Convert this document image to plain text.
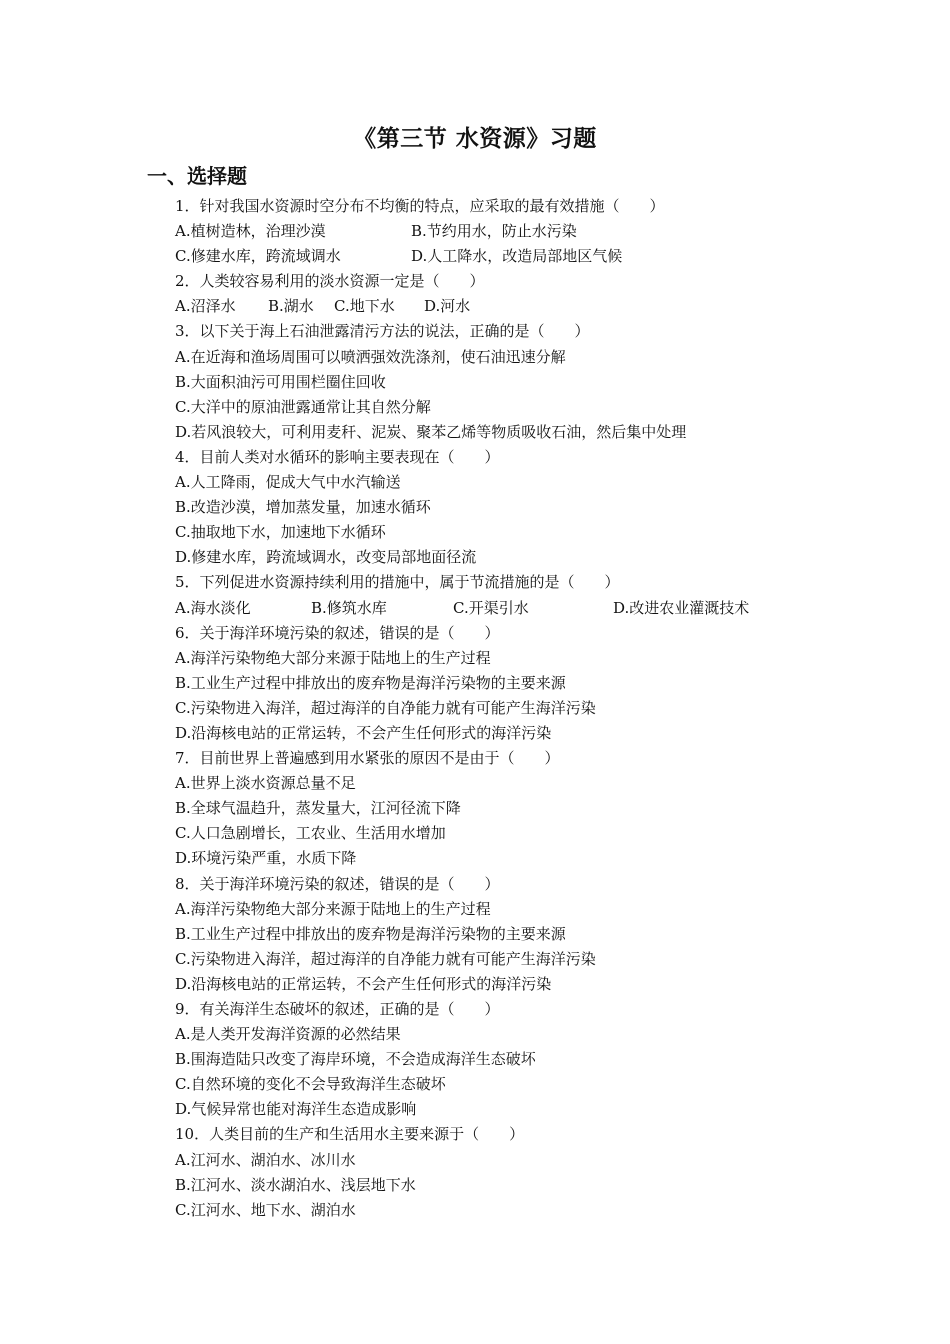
《第三节 水资源》习题
一、选择题
1．针对我国水资源时空分布不均衡的特点，应采取的最有效措施（　　）
A.植树造林，治理沙漠	B.节约用水，防止水污染
C.修建水库，跨流域调水	D.人工降水，改造局部地区气候
2．人类较容易利用的淡水资源一定是（　　）
A.沼泽水	B.湖水	C.地下水	D.河水
3．以下关于海上石油泄露清污方法的说法，正确的是（　　）
A.在近海和渔场周围可以喷洒强效洗涤剂，使石油迅速分解
B.大面积油污可用围栏圈住回收
C.大洋中的原油泄露通常让其自然分解
D.若风浪较大，可利用麦秆、泥炭、聚苯乙烯等物质吸收石油，然后集中处理
4．目前人类对水循环的影响主要表现在（　　）
A.人工降雨，促成大气中水汽输送
B.改造沙漠，增加蒸发量，加速水循环
C.抽取地下水，加速地下水循环
D.修建水库，跨流域调水，改变局部地面径流
5．下列促进水资源持续利用的措施中，属于节流措施的是（　　）
A.海水淡化	B.修筑水库	C.开渠引水	D.改进农业灌溉技术
6．关于海洋环境污染的叙述，错误的是（　　）
A.海洋污染物绝大部分来源于陆地上的生产过程
B.工业生产过程中排放出的废弃物是海洋污染物的主要来源
C.污染物进入海洋，超过海洋的自净能力就有可能产生海洋污染
D.沿海核电站的正常运转，不会产生任何形式的海洋污染
7．目前世界上普遍感到用水紧张的原因不是由于（　　）
A.世界上淡水资源总量不足
B.全球气温趋升，蒸发量大，江河径流下降
C.人口急剧增长，工农业、生活用水增加
D.环境污染严重，水质下降
8．关于海洋环境污染的叙述，错误的是（　　）
A.海洋污染物绝大部分来源于陆地上的生产过程
B.工业生产过程中排放出的废弃物是海洋污染物的主要来源
C.污染物进入海洋，超过海洋的自净能力就有可能产生海洋污染
D.沿海核电站的正常运转，不会产生任何形式的海洋污染
9．有关海洋生态破坏的叙述，正确的是（　　）
A.是人类开发海洋资源的必然结果
B.围海造陆只改变了海岸环境，不会造成海洋生态破坏
C.自然环境的变化不会导致海洋生态破坏
D.气候异常也能对海洋生态造成影响
10．人类目前的生产和生活用水主要来源于（　　）
A.江河水、湖泊水、冰川水
B.江河水、淡水湖泊水、浅层地下水
C.江河水、地下水、湖泊水
